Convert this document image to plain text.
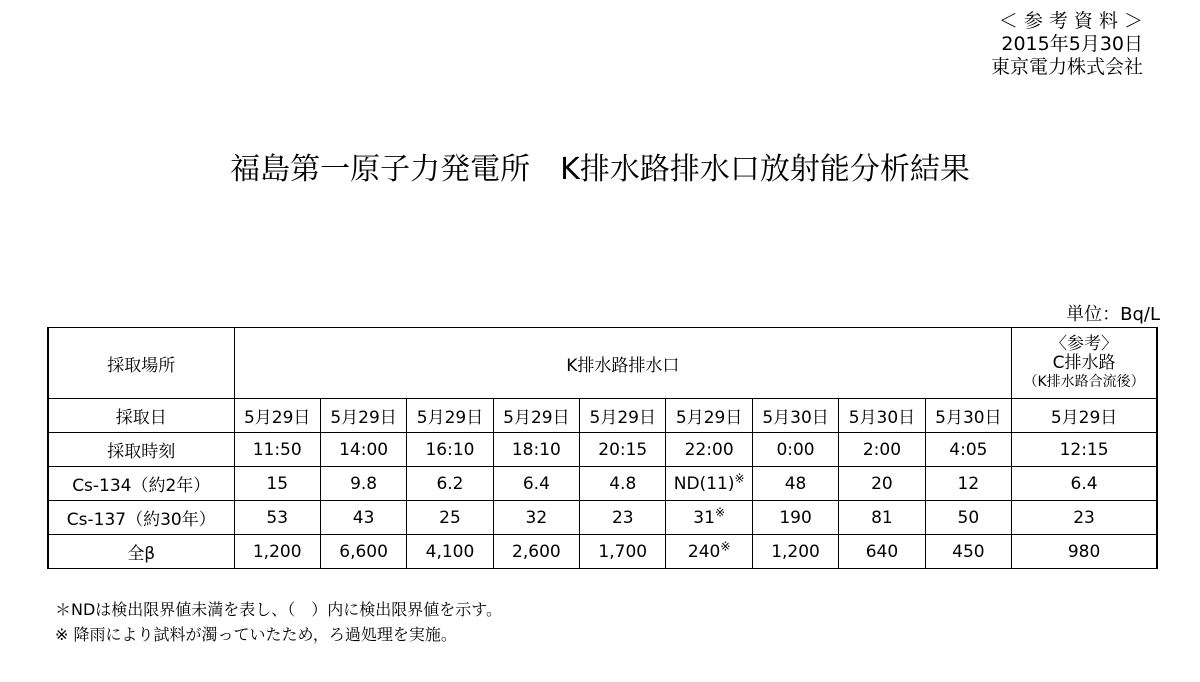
＜ 参 考 資 料 ＞
2015年5月30日
東京電力株式会社
福島第一原子力発電所　K排水路排水口放射能分析結果
単位：Bq/L
採取場所	K排水路排水口									〈参考〉
C排水路
（K排水路合流後）

採取日	5月29日	5月29日	5月29日	5月29日	5月29日	5月29日	5月30日	5月30日	5月30日	5月29日
採取時刻	11:50	14:00	16:10	18:10	20:15	22:00	0:00	2:00	4:05	12:15
Cs-134（約2年）	15	9.8	6.2	6.4	4.8	ND(11)※	48	20	12	6.4
Cs-137（約30年）	53	43	25	32	23	31※	190	81	50	23
全β	1,200	6,600	4,100	2,600	1,700	240※	1,200	640	450	980
＊NDは検出限界値未満を表し、（　）内に検出限界値を示す。
※ 降雨により試料が濁っていたため，ろ過処理を実施。
